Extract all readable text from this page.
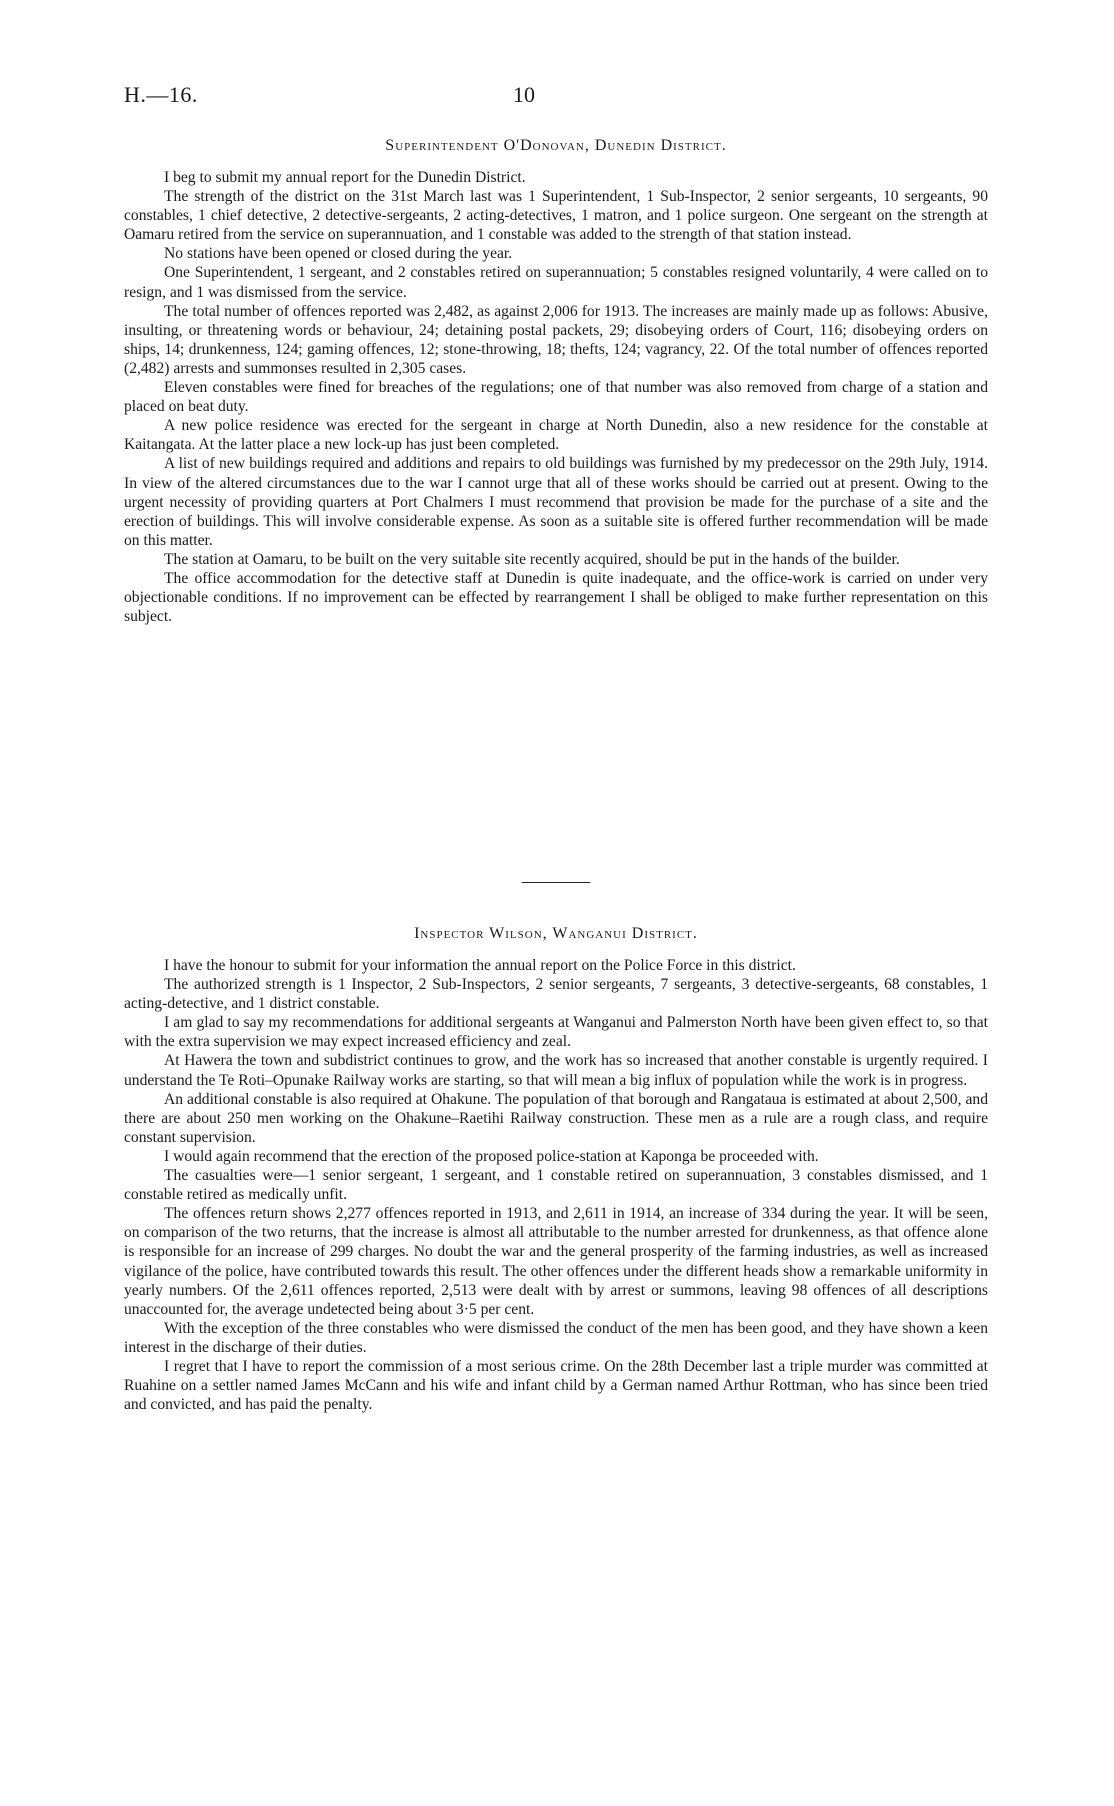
H.—16.	10
Superintendent O'Donovan, Dunedin District.

I beg to submit my annual report for the Dunedin District.

The strength of the district on the 31st March last was 1 Superintendent, 1 Sub-Inspector, 2 senior sergeants, 10 sergeants, 90 constables, 1 chief detective, 2 detective-sergeants, 2 acting-detectives, 1 matron, and 1 police surgeon. One sergeant on the strength at Oamaru retired from the service on superannuation, and 1 constable was added to the strength of that station instead.

No stations have been opened or closed during the year.

One Superintendent, 1 sergeant, and 2 constables retired on superannuation; 5 constables resigned voluntarily, 4 were called on to resign, and 1 was dismissed from the service.

The total number of offences reported was 2,482, as against 2,006 for 1913. The increases are mainly made up as follows: Abusive, insulting, or threatening words or behaviour, 24; detaining postal packets, 29; disobeying orders of Court, 116; disobeying orders on ships, 14; drunkenness, 124; gaming offences, 12; stone-throwing, 18; thefts, 124; vagrancy, 22. Of the total number of offences reported (2,482) arrests and summonses resulted in 2,305 cases.

Eleven constables were fined for breaches of the regulations; one of that number was also removed from charge of a station and placed on beat duty.

A new police residence was erected for the sergeant in charge at North Dunedin, also a new residence for the constable at Kaitangata. At the latter place a new lock-up has just been completed.

A list of new buildings required and additions and repairs to old buildings was furnished by my predecessor on the 29th July, 1914. In view of the altered circumstances due to the war I cannot urge that all of these works should be carried out at present. Owing to the urgent necessity of providing quarters at Port Chalmers I must recommend that provision be made for the purchase of a site and the erection of buildings. This will involve considerable expense. As soon as a suitable site is offered further recommendation will be made on this matter.

The station at Oamaru, to be built on the very suitable site recently acquired, should be put in the hands of the builder.

The office accommodation for the detective staff at Dunedin is quite inadequate, and the office-work is carried on under very objectionable conditions. If no improvement can be effected by rearrangement I shall be obliged to make further representation on this subject.

Inspector Wilson, Wanganui District.

I have the honour to submit for your information the annual report on the Police Force in this district.

The authorized strength is 1 Inspector, 2 Sub-Inspectors, 2 senior sergeants, 7 sergeants, 3 detective-sergeants, 68 constables, 1 acting-detective, and 1 district constable.

I am glad to say my recommendations for additional sergeants at Wanganui and Palmerston North have been given effect to, so that with the extra supervision we may expect increased efficiency and zeal.

At Hawera the town and subdistrict continues to grow, and the work has so increased that another constable is urgently required. I understand the Te Roti–Opunake Railway works are starting, so that will mean a big influx of population while the work is in progress.

An additional constable is also required at Ohakune. The population of that borough and Rangataua is estimated at about 2,500, and there are about 250 men working on the Ohakune–Raetihi Railway construction. These men as a rule are a rough class, and require constant supervision.

I would again recommend that the erection of the proposed police-station at Kaponga be proceeded with.

The casualties were—1 senior sergeant, 1 sergeant, and 1 constable retired on superannuation, 3 constables dismissed, and 1 constable retired as medically unfit.

The offences return shows 2,277 offences reported in 1913, and 2,611 in 1914, an increase of 334 during the year. It will be seen, on comparison of the two returns, that the increase is almost all attributable to the number arrested for drunkenness, as that offence alone is responsible for an increase of 299 charges. No doubt the war and the general prosperity of the farming industries, as well as increased vigilance of the police, have contributed towards this result. The other offences under the different heads show a remarkable uniformity in yearly numbers. Of the 2,611 offences reported, 2,513 were dealt with by arrest or summons, leaving 98 offences of all descriptions unaccounted for, the average undetected being about 3·5 per cent.

With the exception of the three constables who were dismissed the conduct of the men has been good, and they have shown a keen interest in the discharge of their duties.

I regret that I have to report the commission of a most serious crime. On the 28th December last a triple murder was committed at Ruahine on a settler named James McCann and his wife and infant child by a German named Arthur Rottman, who has since been tried and convicted, and has paid the penalty.
